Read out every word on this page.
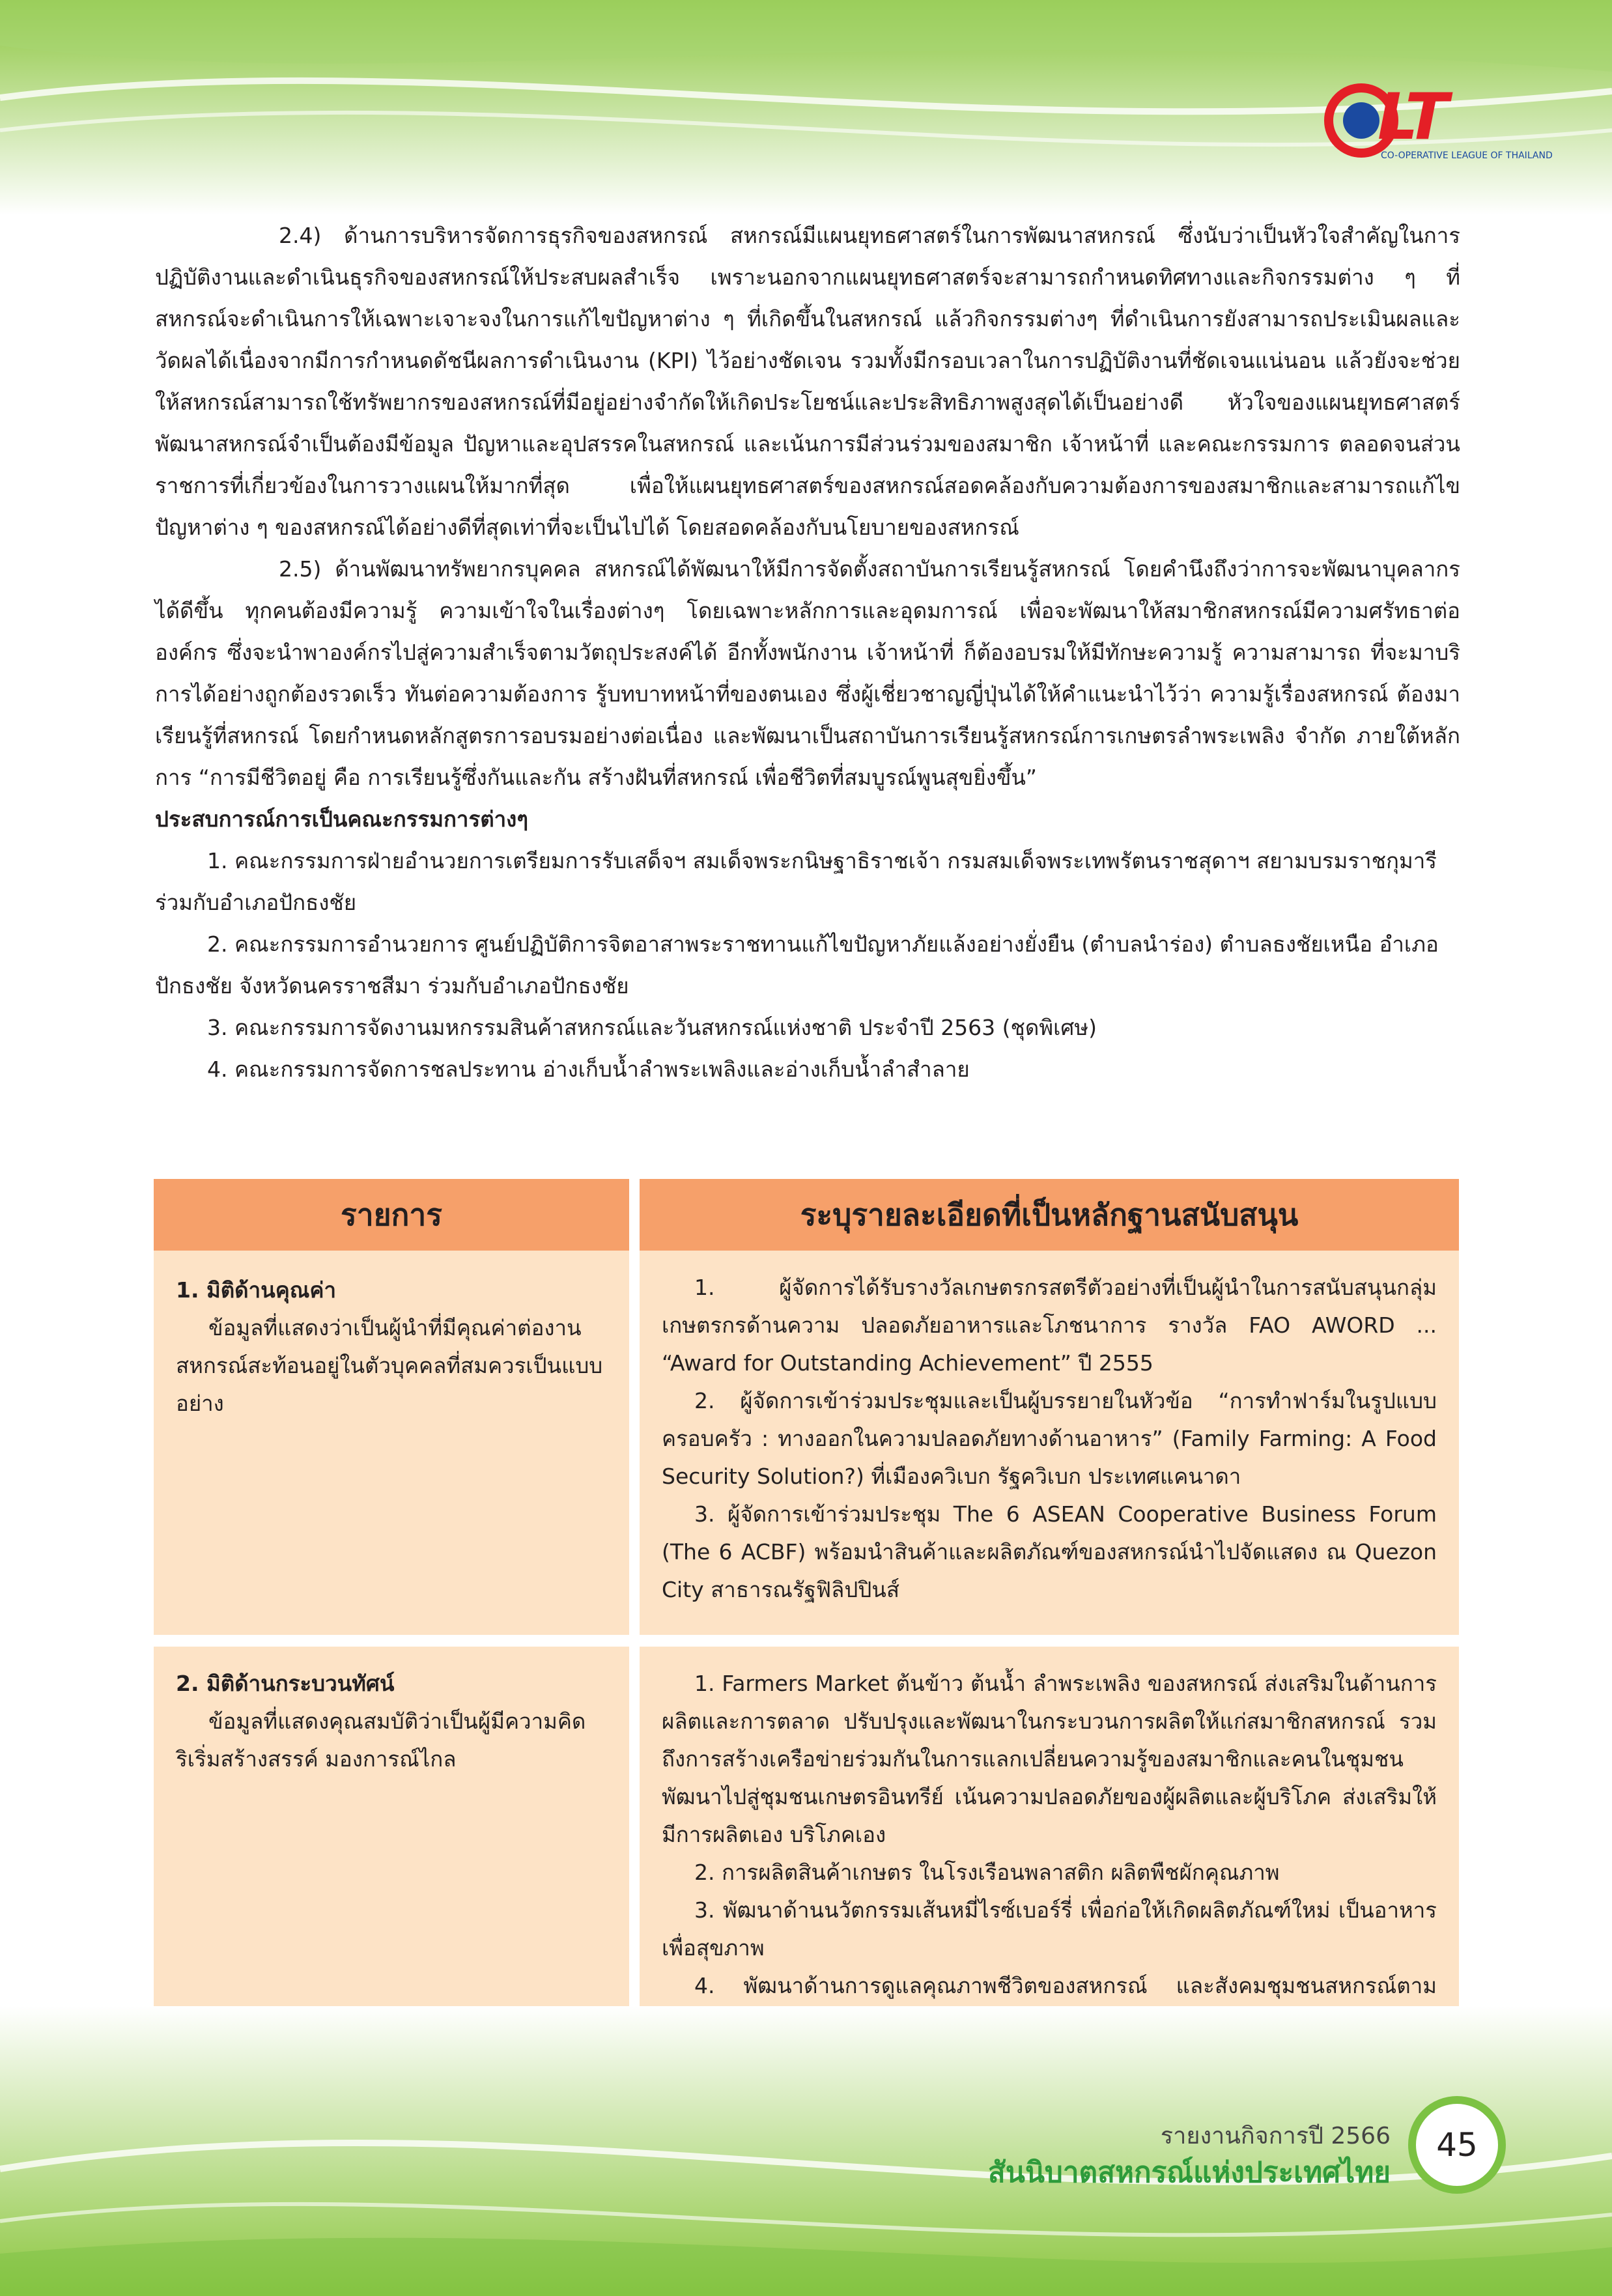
LT
CO-OPERATIVE LEAGUE OF THAILAND

2.4) ด้านการบริหารจัดการธุรกิจของสหกรณ์ สหกรณ์มีแผนยุทธศาสตร์ในการพัฒนาสหกรณ์ ซึ่งนับว่าเป็นหัวใจสำคัญในการปฏิบัติงานและดำเนินธุรกิจของสหกรณ์ให้ประสบผลสำเร็จ เพราะนอกจากแผนยุทธศาสตร์จะสามารถกำหนดทิศทางและกิจกรรมต่าง ๆ ที่สหกรณ์จะดำเนินการให้เฉพาะเจาะจงในการแก้ไขปัญหาต่าง ๆ ที่เกิดขึ้นในสหกรณ์ แล้วกิจกรรมต่างๆ ที่ดำเนินการยังสามารถประเมินผลและวัดผลได้เนื่องจากมีการกำหนดดัชนีผลการดำเนินงาน (KPI) ไว้อย่างชัดเจน รวมทั้งมีกรอบเวลาในการปฏิบัติงานที่ชัดเจนแน่นอน แล้วยังจะช่วยให้สหกรณ์สามารถใช้ทรัพยากรของสหกรณ์ที่มีอยู่อย่างจำกัดให้เกิดประโยชน์และประสิทธิภาพสูงสุดได้เป็นอย่างดี หัวใจของแผนยุทธศาสตร์พัฒนาสหกรณ์จำเป็นต้องมีข้อมูล ปัญหาและอุปสรรคในสหกรณ์ และเน้นการมีส่วนร่วมของสมาชิก เจ้าหน้าที่ และคณะกรรมการ ตลอดจนส่วนราชการที่เกี่ยวข้องในการวางแผนให้มากที่สุด เพื่อให้แผนยุทธศาสตร์ของสหกรณ์สอดคล้องกับความต้องการของสมาชิกและสามารถแก้ไขปัญหาต่าง ๆ ของสหกรณ์ได้อย่างดีที่สุดเท่าที่จะเป็นไปได้ โดยสอดคล้องกับนโยบายของสหกรณ์

2.5) ด้านพัฒนาทรัพยากรบุคคล สหกรณ์ได้พัฒนาให้มีการจัดตั้งสถาบันการเรียนรู้สหกรณ์ โดยคำนึงถึงว่าการจะพัฒนาบุคลากรได้ดีขึ้น ทุกคนต้องมีความรู้ ความเข้าใจในเรื่องต่างๆ โดยเฉพาะหลักการและอุดมการณ์ เพื่อจะพัฒนาให้สมาชิกสหกรณ์มีความศรัทธาต่อองค์กร ซึ่งจะนำพาองค์กรไปสู่ความสำเร็จตามวัตถุประสงค์ได้ อีกทั้งพนักงาน เจ้าหน้าที่ ก็ต้องอบรมให้มีทักษะความรู้ ความสามารถ ที่จะมาบริการได้อย่างถูกต้องรวดเร็ว ทันต่อความต้องการ รู้บทบาทหน้าที่ของตนเอง ซึ่งผู้เชี่ยวชาญญี่ปุ่นได้ให้คำแนะนำไว้ว่า ความรู้เรื่องสหกรณ์ ต้องมาเรียนรู้ที่สหกรณ์ โดยกำหนดหลักสูตรการอบรมอย่างต่อเนื่อง และพัฒนาเป็นสถาบันการเรียนรู้สหกรณ์การเกษตรลำพระเพลิง จำกัด ภายใต้หลักการ “การมีชีวิตอยู่ คือ การเรียนรู้ซึ่งกันและกัน สร้างฝันที่สหกรณ์ เพื่อชีวิตที่สมบูรณ์พูนสุขยิ่งขึ้น”

ประสบการณ์การเป็นคณะกรรมการต่างๆ

1. คณะกรรมการฝ่ายอำนวยการเตรียมการรับเสด็จฯ สมเด็จพระกนิษฐาธิราชเจ้า กรมสมเด็จพระเทพรัตนราชสุดาฯ สยามบรมราชกุมารี ร่วมกับอำเภอปักธงชัย

2. คณะกรรมการอำนวยการ ศูนย์ปฏิบัติการจิตอาสาพระราชทานแก้ไขปัญหาภัยแล้งอย่างยั่งยืน (ตำบลนำร่อง) ตำบลธงชัยเหนือ อำเภอปักธงชัย จังหวัดนครราชสีมา ร่วมกับอำเภอปักธงชัย

3. คณะกรรมการจัดงานมหกรรมสินค้าสหกรณ์และวันสหกรณ์แห่งชาติ ประจำปี 2563 (ชุดพิเศษ)

4. คณะกรรมการจัดการชลประทาน อ่างเก็บน้ำลำพระเพลิงและอ่างเก็บน้ำลำสำลาย

รายการ	ระบุรายละเอียดที่เป็นหลักฐานสนับสนุน

1. มิติด้านคุณค่า

ข้อมูลที่แสดงว่าเป็นผู้นำที่มีคุณค่าต่องานสหกรณ์สะท้อนอยู่ในตัวบุคคลที่สมควรเป็นแบบอย่าง

1. ผู้จัดการได้รับรางวัลเกษตรกรสตรีตัวอย่างที่เป็นผู้นำในการสนับสนุนกลุ่มเกษตรกรด้านความ ปลอดภัยอาหารและโภชนาการ รางวัล FAO AWORD ... “Award for Outstanding Achievement” ปี 2555

2. ผู้จัดการเข้าร่วมประชุมและเป็นผู้บรรยายในหัวข้อ “การทำฟาร์มในรูปแบบครอบครัว : ทางออกในความปลอดภัยทางด้านอาหาร” (Family Farming: A Food Security Solution?) ที่เมืองควิเบก รัฐควิเบก ประเทศแคนาดา

3. ผู้จัดการเข้าร่วมประชุม The 6 ASEAN Cooperative Business Forum (The 6 ACBF) พร้อมนำสินค้าและผลิตภัณฑ์ของสหกรณ์นำไปจัดแสดง ณ Quezon City สาธารณรัฐฟิลิปปินส์

2. มิติด้านกระบวนทัศน์

ข้อมูลที่แสดงคุณสมบัติว่าเป็นผู้มีความคิดริเริ่มสร้างสรรค์ มองการณ์ไกล

1. Farmers Market ต้นข้าว ต้นน้ำ ลำพระเพลิง ของสหกรณ์ ส่งเสริมในด้านการผลิตและการตลาด ปรับปรุงและพัฒนาในกระบวนการผลิตให้แก่สมาชิกสหกรณ์ รวมถึงการสร้างเครือข่ายร่วมกันในการแลกเปลี่ยนความรู้ของสมาชิกและคนในชุมชนพัฒนาไปสู่ชุมชนเกษตรอินทรีย์ เน้นความปลอดภัยของผู้ผลิตและผู้บริโภค ส่งเสริมให้มีการผลิตเอง บริโภคเอง

2. การผลิตสินค้าเกษตร ในโรงเรือนพลาสติก ผลิตพืชผักคุณภาพ

3. พัฒนาด้านนวัตกรรมเส้นหมี่ไรซ์เบอร์รี่ เพื่อก่อให้เกิดผลิตภัณฑ์ใหม่ เป็นอาหารเพื่อสุขภาพ

4. พัฒนาด้านการดูแลคุณภาพชีวิตของสหกรณ์ และสังคมชุมชนสหกรณ์ตาม

รายงานกิจการปี 2566
สันนิบาตสหกรณ์แห่งประเทศไทย
45
